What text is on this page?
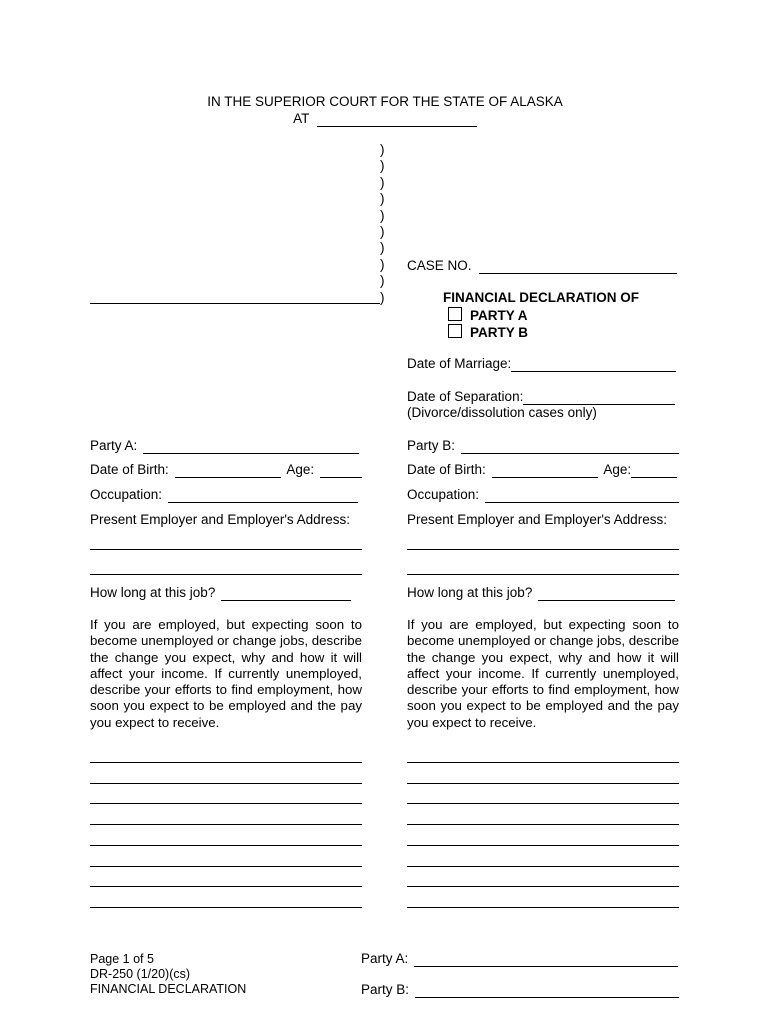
IN THE SUPERIOR COURT FOR THE STATE OF ALASKA
AT
)
)
)
)
)
)
)
)
)
)
CASE NO.
FINANCIAL DECLARATION OF
PARTY A
PARTY B
Date of Marriage:
Date of Separation:
(Divorce/dissolution cases only)
Party A:
Date of Birth:	Age:
Occupation:
Present Employer and Employer's Address:
How long at this job?
If you are employed, but expecting soon to become unemployed or change jobs, describe the change you expect, why and how it will affect your income. If currently unemployed, describe your efforts to find employment, how soon you expect to be employed and the pay you expect to receive.
Party B:
Date of Birth:	Age:
Occupation:
Present Employer and Employer's Address:
How long at this job?
If you are employed, but expecting soon to become unemployed or change jobs, describe the change you expect, why and how it will affect your income. If currently unemployed, describe your efforts to find employment, how soon you expect to be employed and the pay you expect to receive.
Page 1 of 5
DR-250 (1/20)(cs)
FINANCIAL DECLARATION
Party A:
Party B:
